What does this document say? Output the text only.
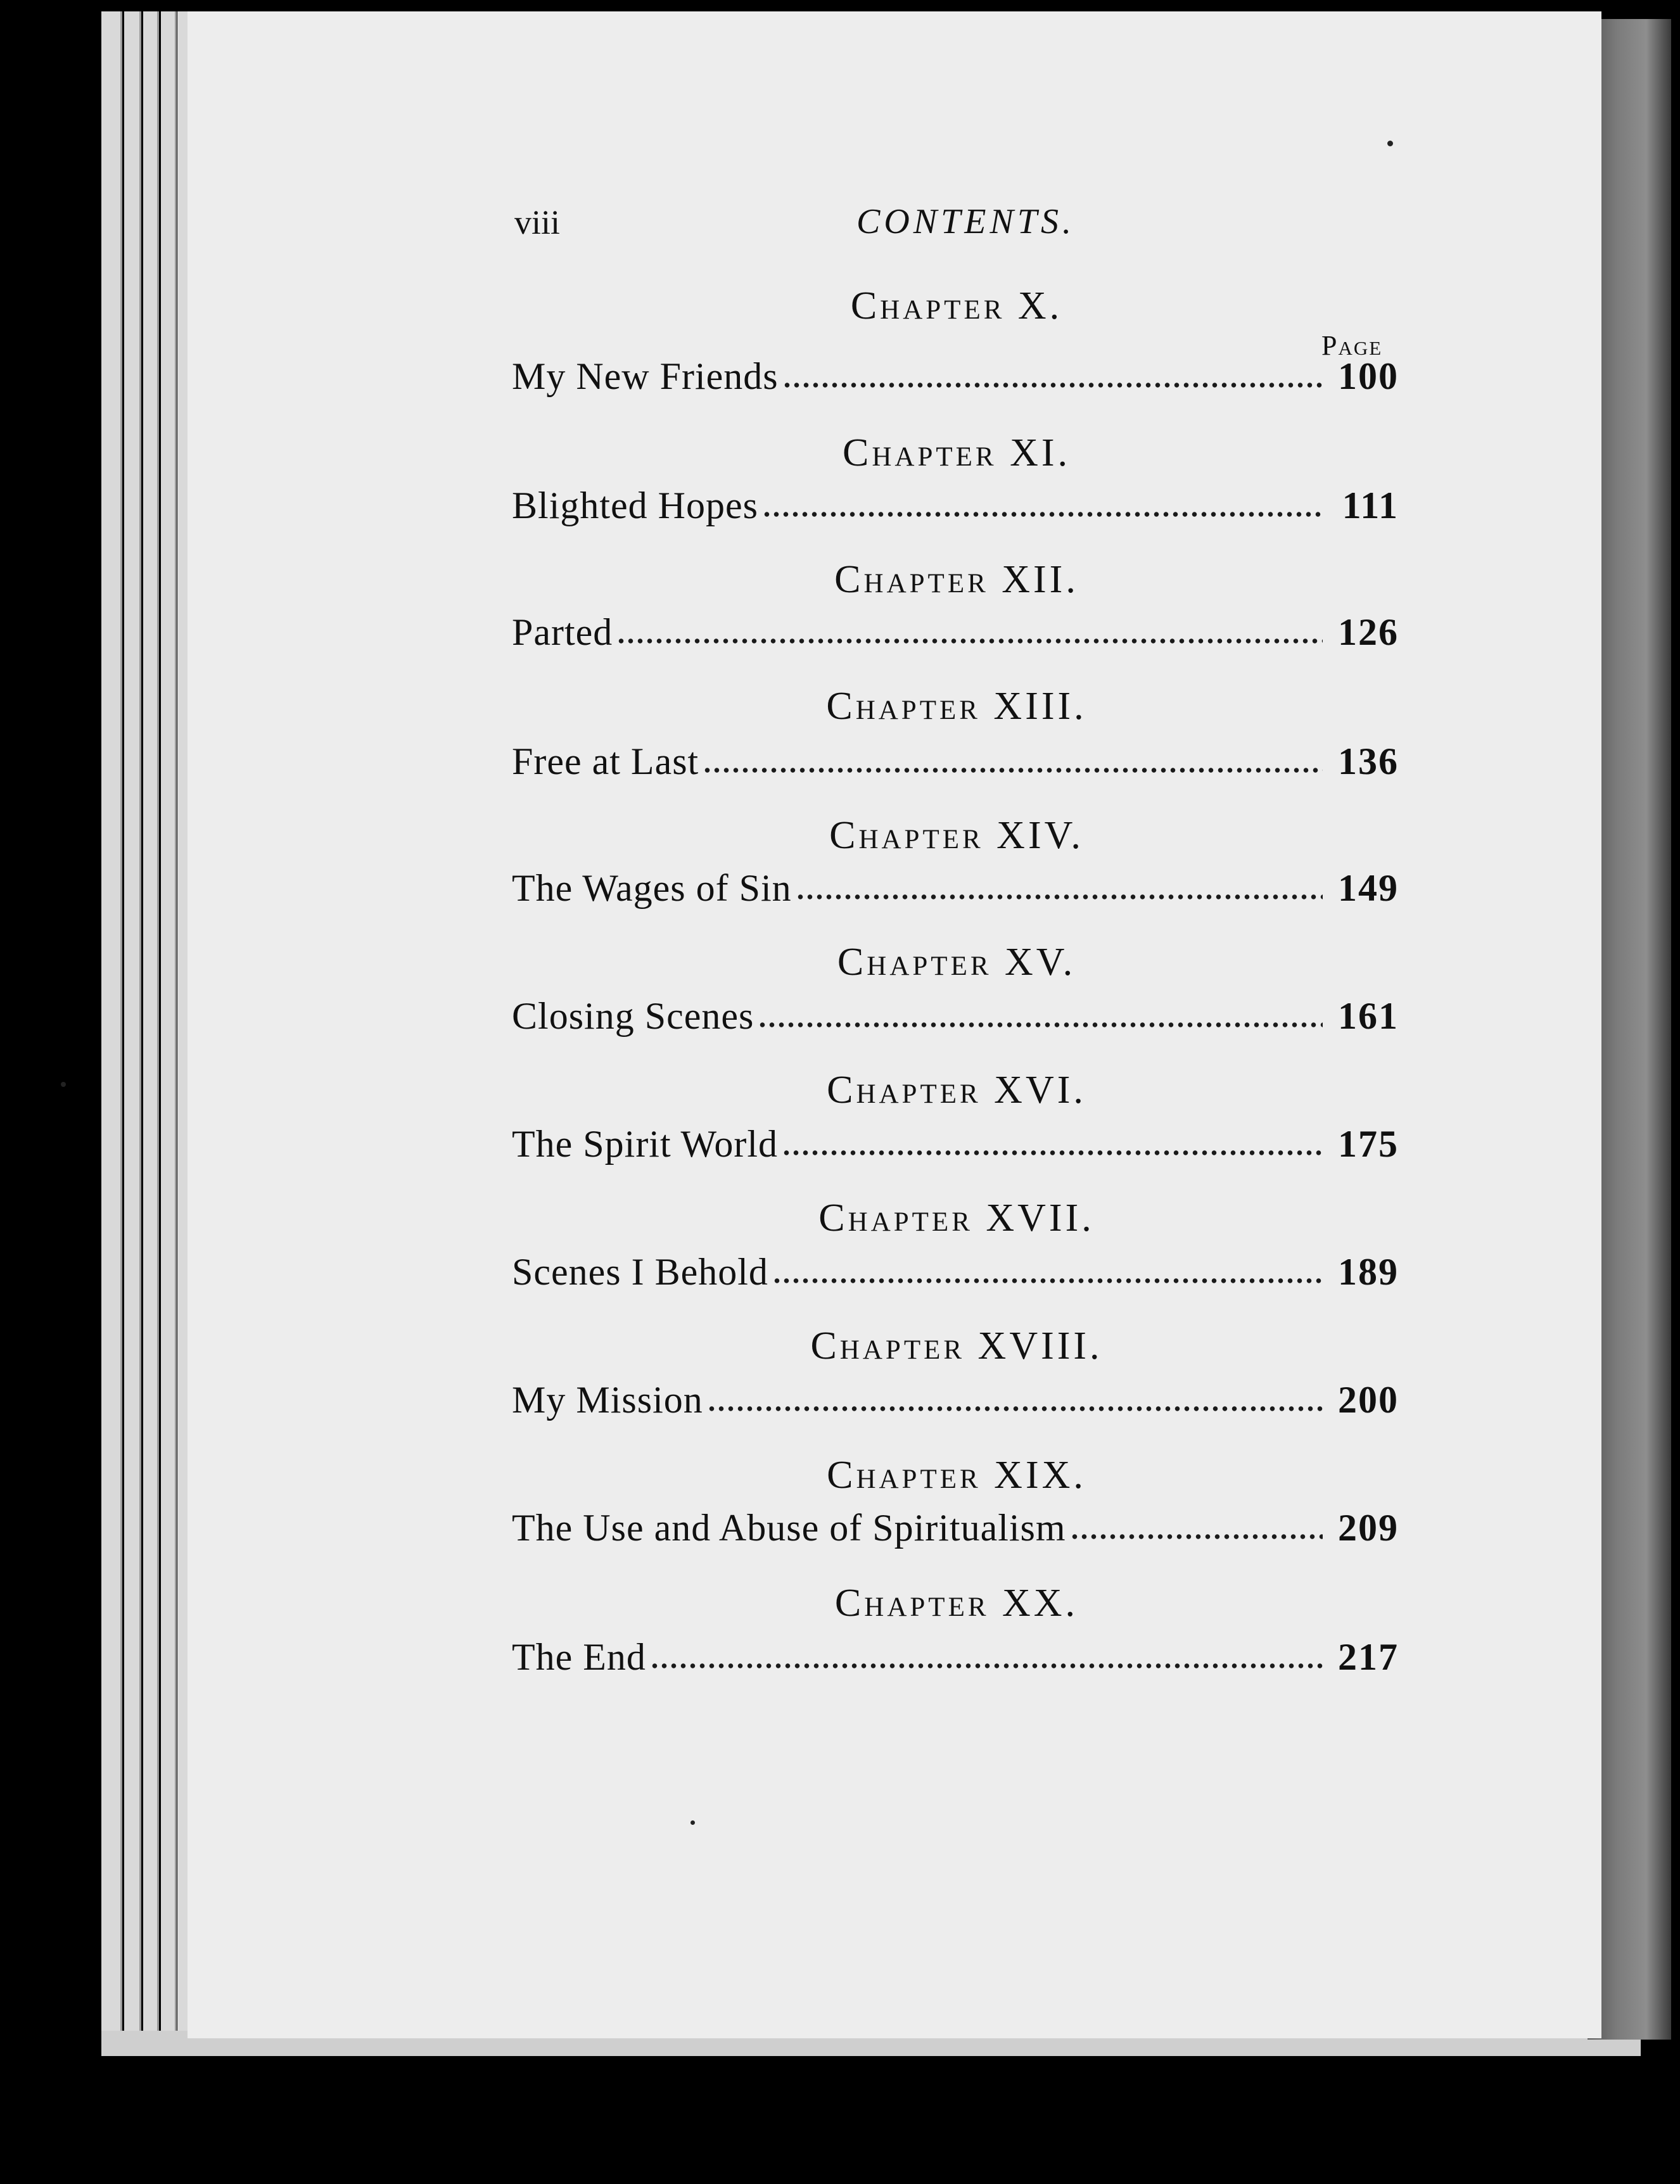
viii	CONTENTS.
Page
Chapter X.
My New Friends	100
Chapter XI.
Blighted Hopes	111
Chapter XII.
Parted	126
Chapter XIII.
Free at Last	136
Chapter XIV.
The Wages of Sin	149
Chapter XV.
Closing Scenes	161
Chapter XVI.
The Spirit World	175
Chapter XVII.
Scenes I Behold	189
Chapter XVIII.
My Mission	200
Chapter XIX.
The Use and Abuse of Spiritualism	209
Chapter XX.
The End	217
